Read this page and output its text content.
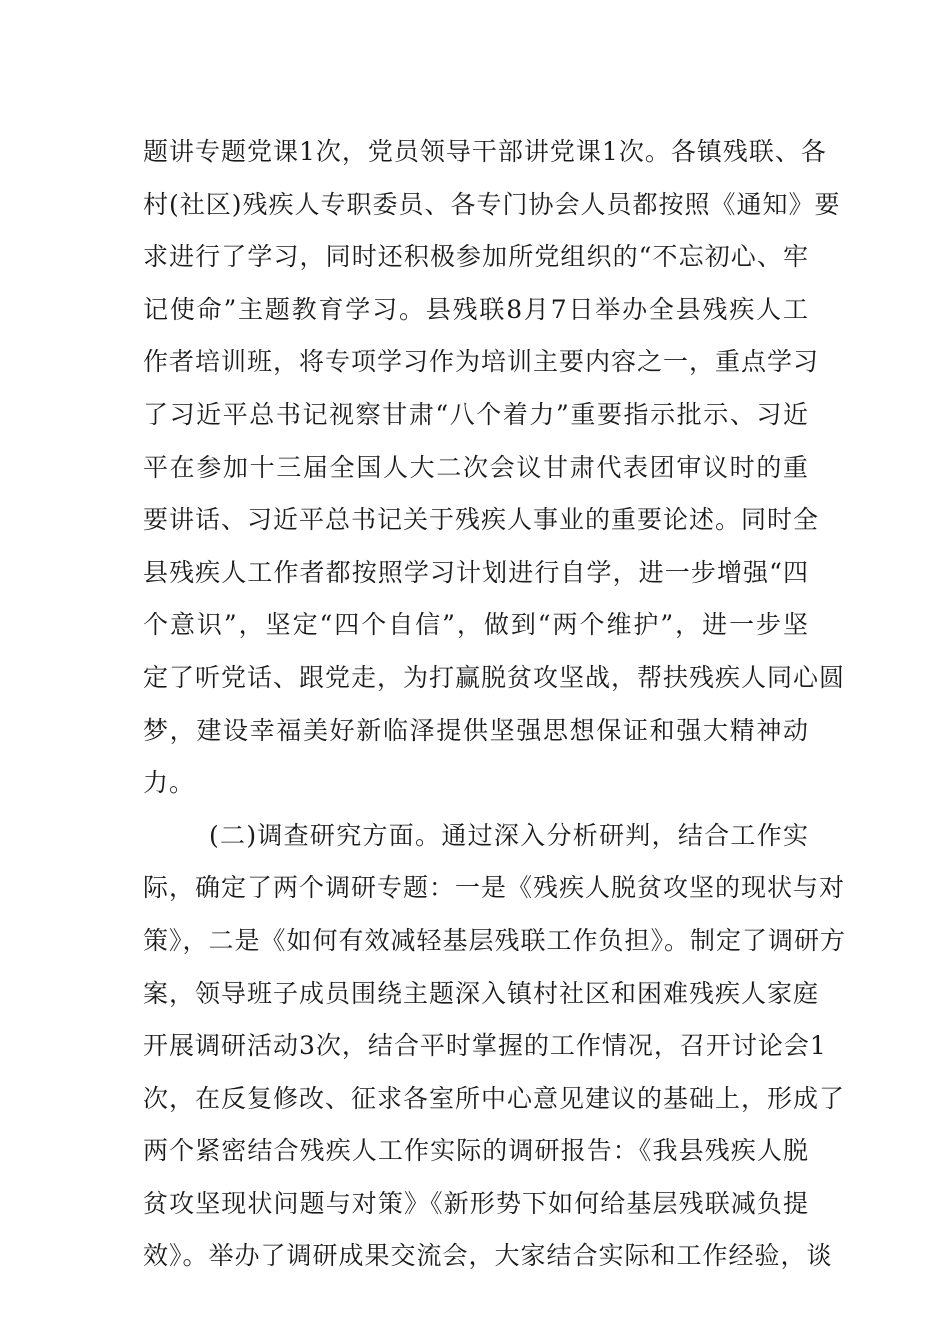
题讲专题党课1次，党员领导干部讲党课1次。各镇残联、各
村(社区)残疾人专职委员、各专门协会人员都按照《通知》要
求进行了学习，同时还积极参加所党组织的“不忘初心、牢
记使命”主题教育学习。县残联8月7日举办全县残疾人工
作者培训班，将专项学习作为培训主要内容之一，重点学习
了习近平总书记视察甘肃“八个着力”重要指示批示、习近
平在参加十三届全国人大二次会议甘肃代表团审议时的重
要讲话、习近平总书记关于残疾人事业的重要论述。同时全
县残疾人工作者都按照学习计划进行自学，进一步增强“四
个意识”，坚定“四个自信”，做到“两个维护”，进一步坚
定了听党话、跟党走，为打赢脱贫攻坚战，帮扶残疾人同心圆
梦，建设幸福美好新临泽提供坚强思想保证和强大精神动
力。
(二)调查研究方面。通过深入分析研判，结合工作实
际，确定了两个调研专题：一是《残疾人脱贫攻坚的现状与对
策》，二是《如何有效减轻基层残联工作负担》。制定了调研方
案，领导班子成员围绕主题深入镇村社区和困难残疾人家庭
开展调研活动3次，结合平时掌握的工作情况，召开讨论会1
次，在反复修改、征求各室所中心意见建议的基础上，形成了
两个紧密结合残疾人工作实际的调研报告：《我县残疾人脱
贫攻坚现状问题与对策》《新形势下如何给基层残联减负提
效》。举办了调研成果交流会，大家结合实际和工作经验，谈
